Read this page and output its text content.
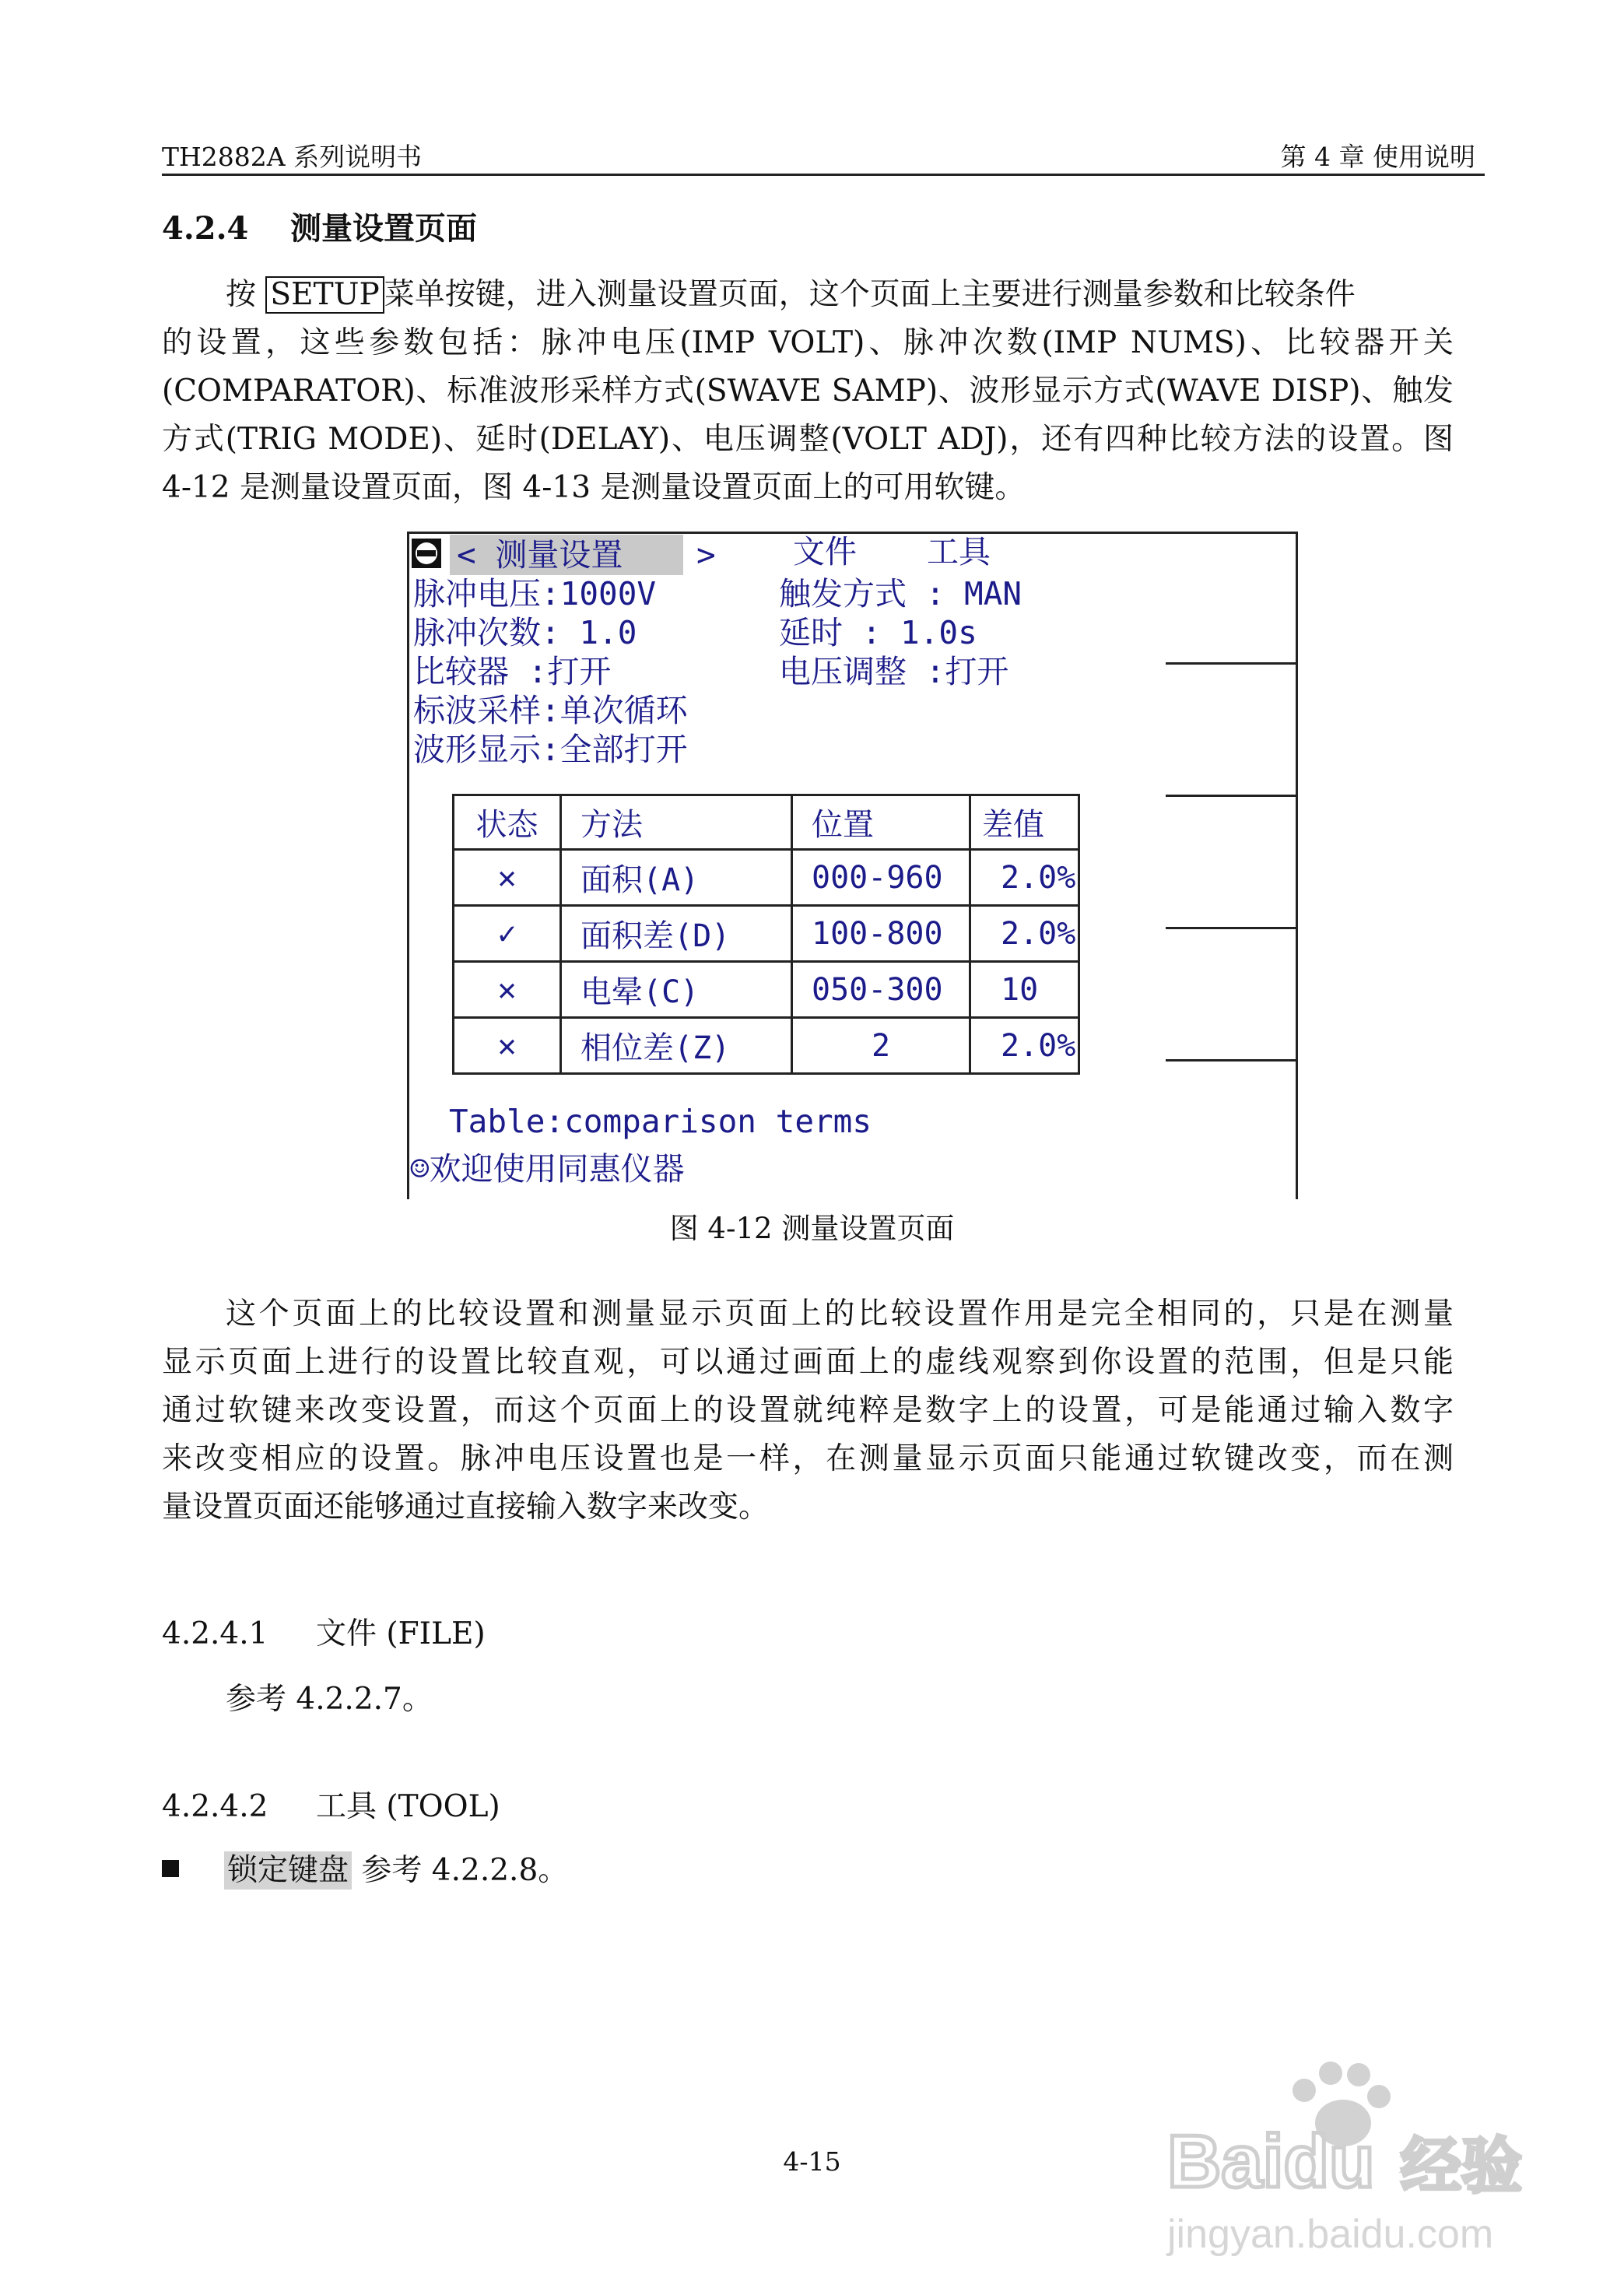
TH2882A 系列说明书	第 4 章 使用说明
4.2.4 测量设置页面
按 SETUP 菜单按键，进入测量设置页面，这个页面上主要进行测量参数和比较条件
的设置，这些参数包括：脉冲电压(IMP VOLT)、脉冲次数(IMP NUMS)、比较器开关
(COMPARATOR)、标准波形采样方式(SWAVE SAMP)、波形显示方式(WAVE DISP)、触发
方式(TRIG MODE)、延时(DELAY)、电压调整(VOLT ADJ)，还有四种比较方法的设置。图
4-12 是测量设置页面，图 4-13 是测量设置页面上的可用软键。
< 测量设置 > 文件 工具
脉冲电压:1000V
脉冲次数: 1.0
比较器 :打开
标波采样:单次循环
波形显示:全部打开
触发方式 : MAN
延时 : 1.0s
电压调整 :打开
状态	方法	位置	差值
✕	面积(A)	000-960	2.0%
✓	面积差(D)	100-800	2.0%
✕	电晕(C)	050-300	10
✕	相位差(Z)	2	2.0%
Table:comparison terms
☺欢迎使用同惠仪器
图 4-12 测量设置页面
这个页面上的比较设置和测量显示页面上的比较设置作用是完全相同的，只是在测量
显示页面上进行的设置比较直观，可以通过画面上的虚线观察到你设置的范围，但是只能
通过软键来改变设置，而这个页面上的设置就纯粹是数字上的设置，可是能通过输入数字
来改变相应的设置。脉冲电压设置也是一样，在测量显示页面只能通过软键改变，而在测
量设置页面还能够通过直接输入数字来改变。
4.2.4.1 文件 (FILE)
参考 4.2.2.7。
4.2.4.2 工具 (TOOL)
锁定键盘 参考 4.2.2.8。
4-15	Baidu 经验
jingyan.baidu.com
